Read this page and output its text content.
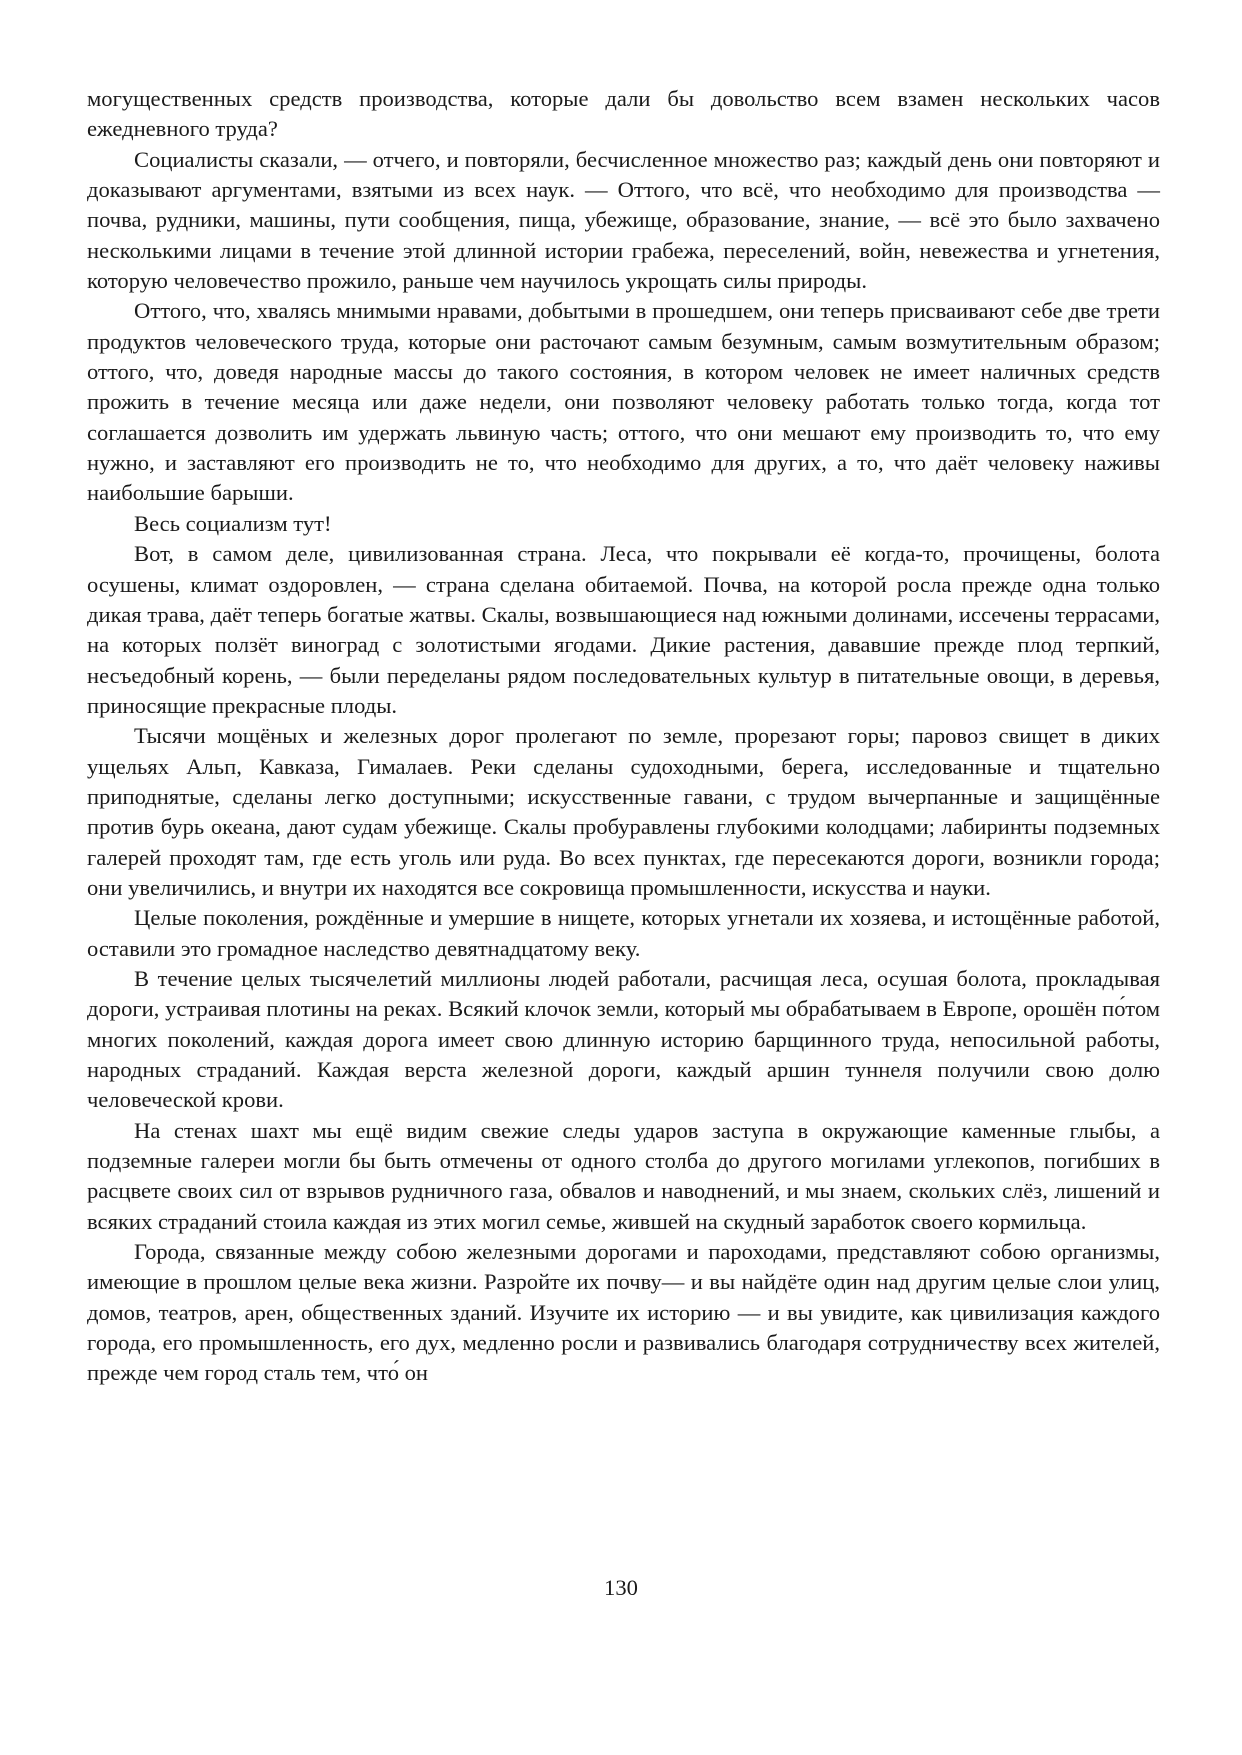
могущественных средств производства, которые дали бы довольство всем взамен нескольких часов ежедневного труда?

Социалисты сказали, — отчего, и повторяли, бесчисленное множество раз; каждый день они повторяют и доказывают аргументами, взятыми из всех наук. — Оттого, что всё, что необходимо для производства — почва, рудники, машины, пути сообщения, пища, убежище, образование, знание, — всё это было захвачено несколькими лицами в течение этой длинной истории грабежа, переселений, войн, невежества и угнетения, которую человечество прожило, раньше чем научилось укрощать силы природы.

Оттого, что, хвалясь мнимыми нравами, добытыми в прошедшем, они теперь присваивают себе две трети продуктов человеческого труда, которые они расточают самым безумным, самым возмутительным образом; оттого, что, доведя народные массы до такого состояния, в котором человек не имеет наличных средств прожить в течение месяца или даже недели, они позволяют человеку работать только тогда, когда тот соглашается дозволить им удержать львиную часть; оттого, что они мешают ему производить то, что ему нужно, и заставляют его производить не то, что необходимо для других, а то, что даёт человеку наживы наибольшие барыши.

Весь социализм тут!

Вот, в самом деле, цивилизованная страна. Леса, что покрывали её когда-то, прочищены, болота осушены, климат оздоровлен, — страна сделана обитаемой. Почва, на которой росла прежде одна только дикая трава, даёт теперь богатые жатвы. Скалы, возвышающиеся над южными долинами, иссечены террасами, на которых ползёт виноград с золотистыми ягодами. Дикие растения, дававшие прежде плод терпкий, несъедобный корень, — были переделаны рядом последовательных культур в питательные овощи, в деревья, приносящие прекрасные плоды.

Тысячи мощёных и железных дорог пролегают по земле, прорезают горы; паровоз свищет в диких ущельях Альп, Кавказа, Гималаев. Реки сделаны судоходными, берега, исследованные и тщательно приподнятые, сделаны легко доступными; искусственные гавани, с трудом вычерпанные и защищённые против бурь океана, дают судам убежище. Скалы пробуравлены глубокими колодцами; лабиринты подземных галерей проходят там, где есть уголь или руда. Во всех пунктах, где пересекаются дороги, возникли города; они увеличились, и внутри их находятся все сокровища промышленности, искусства и науки.

Целые поколения, рождённые и умершие в нищете, которых угнетали их хозяева, и истощённые работой, оставили это громадное наследство девятнадцатому веку.

В течение целых тысячелетий миллионы людей работали, расчищая леса, осушая болота, прокладывая дороги, устраивая плотины на реках. Всякий клочок земли, который мы обрабатываем в Европе, орошён по́том многих поколений, каждая дорога имеет свою длинную историю барщинного труда, непосильной работы, народных страданий. Каждая верста железной дороги, каждый аршин туннеля получили свою долю человеческой крови.

На стенах шахт мы ещё видим свежие следы ударов заступа в окружающие каменные глыбы, а подземные галереи могли бы быть отмечены от одного столба до другого могилами углекопов, погибших в расцвете своих сил от взрывов рудничного газа, обвалов и наводнений, и мы знаем, скольких слёз, лишений и всяких страданий стоила каждая из этих могил семье, жившей на скудный заработок своего кормильца.

Города, связанные между собою железными дорогами и пароходами, представляют собою организмы, имеющие в прошлом целые века жизни. Разройте их почву— и вы найдёте один над другим целые слои улиц, домов, театров, арен, общественных зданий. Изучите их историю — и вы увидите, как цивилизация каждого города, его промышленность, его дух, медленно росли и развивались благодаря сотрудничеству всех жителей, прежде чем город сталь тем, что́ он

130
